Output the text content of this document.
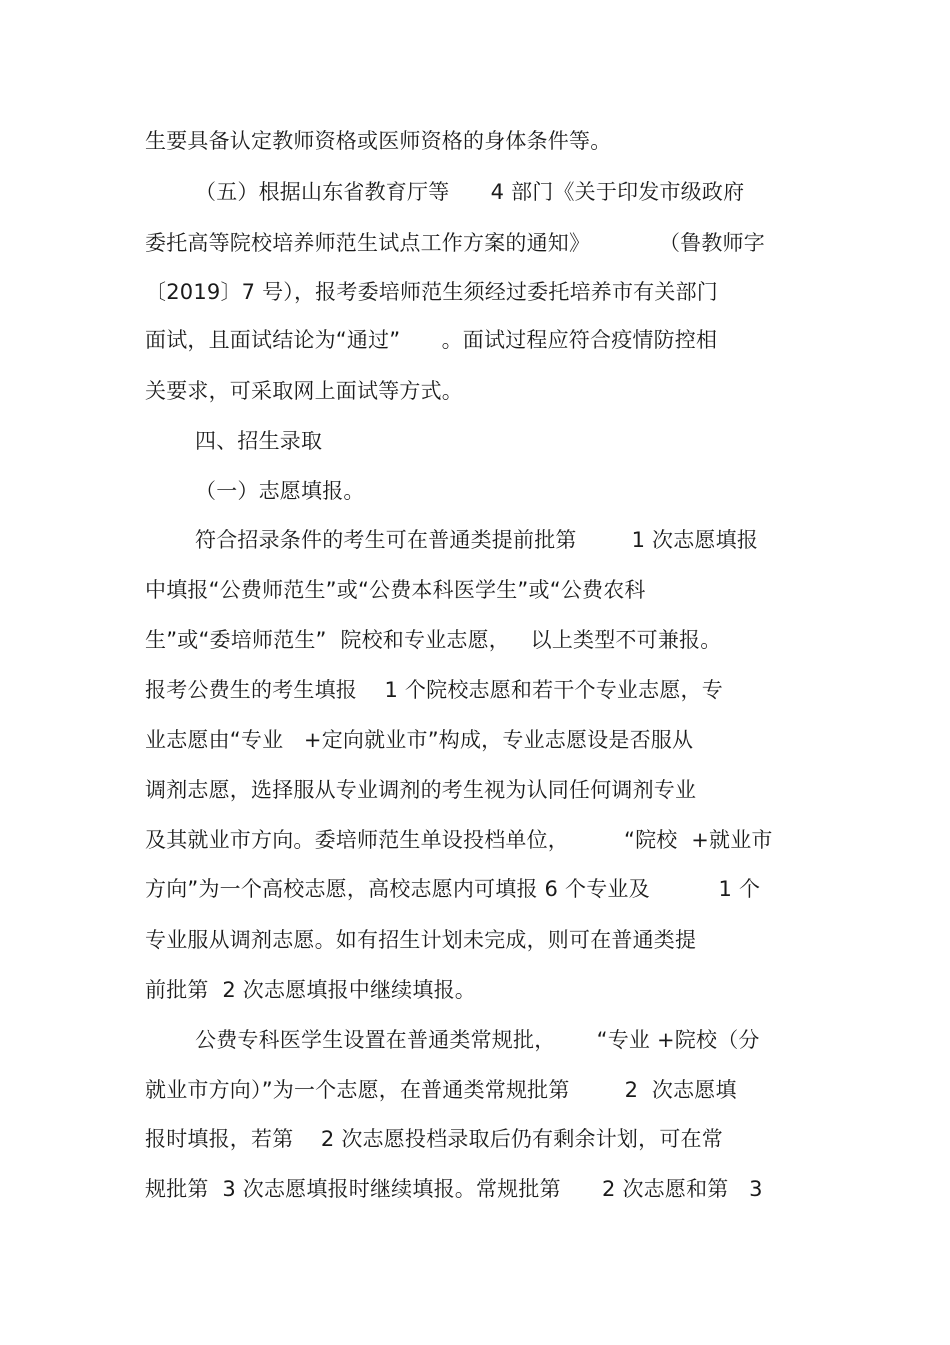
生要具备认定教师资格或医师资格的身体条件等。
（五）根据山东省教育厅等      4 部门《关于印发市级政府
委托高等院校培养师范生试点工作方案的通知》          （鲁教师字
〔2019〕7 号），报考委培师范生须经过委托培养市有关部门
面试，且面试结论为“通过”      。面试过程应符合疫情防控相
关要求，可采取网上面试等方式。
四、招生录取
（一）志愿填报。
符合招录条件的考生可在普通类提前批第        1 次志愿填报
中填报“公费师范生”或“公费本科医学生”或“公费农科
生”或“委培师范生”  院校和专业志愿，   以上类型不可兼报。
报考公费生的考生填报    1 个院校志愿和若干个专业志愿，专
业志愿由“专业   +定向就业市”构成，专业志愿设是否服从
调剂志愿，选择服从专业调剂的考生视为认同任何调剂专业
及其就业市方向。委培师范生单设投档单位，        “院校  +就业市
方向”为一个高校志愿，高校志愿内可填报 6 个专业及          1 个
专业服从调剂志愿。如有招生计划未完成，则可在普通类提
前批第  2 次志愿填报中继续填报。
公费专科医学生设置在普通类常规批，      “专业 +院校（分
就业市方向）”为一个志愿，在普通类常规批第        2  次志愿填
报时填报，若第    2 次志愿投档录取后仍有剩余计划，可在常
规批第  3 次志愿填报时继续填报。常规批第      2 次志愿和第   3
